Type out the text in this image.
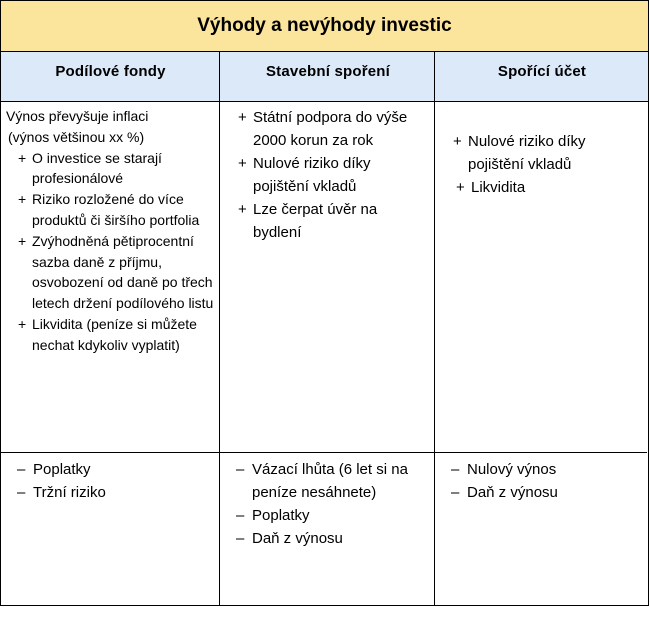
Výhody a nevýhody investic
Podílové fondy	Stavební spoření	Spořící účet
Výnos převyšuje inflaci
(výnos většinou xx %)
+ O investice se starají profesionálové
+ Riziko rozložené do více produktů či širšího portfolia
+ Zvýhodněná pětiprocentní sazba daně z příjmu, osvobození od daně po třech letech držení podílového listu
+ Likvidita (peníze si můžete nechat kdykoliv vyplatit)
+ Státní podpora do výše 2000 korun za rok
+ Nulové riziko díky pojištění vkladů
+ Lze čerpat úvěr na bydlení
+ Nulové riziko díky pojištění vkladů
+ Likvidita
– Poplatky
– Tržní riziko
– Vázací lhůta (6 let si na peníze nesáhnete)
– Poplatky
– Daň z výnosu
– Nulový výnos
– Daň z výnosu
